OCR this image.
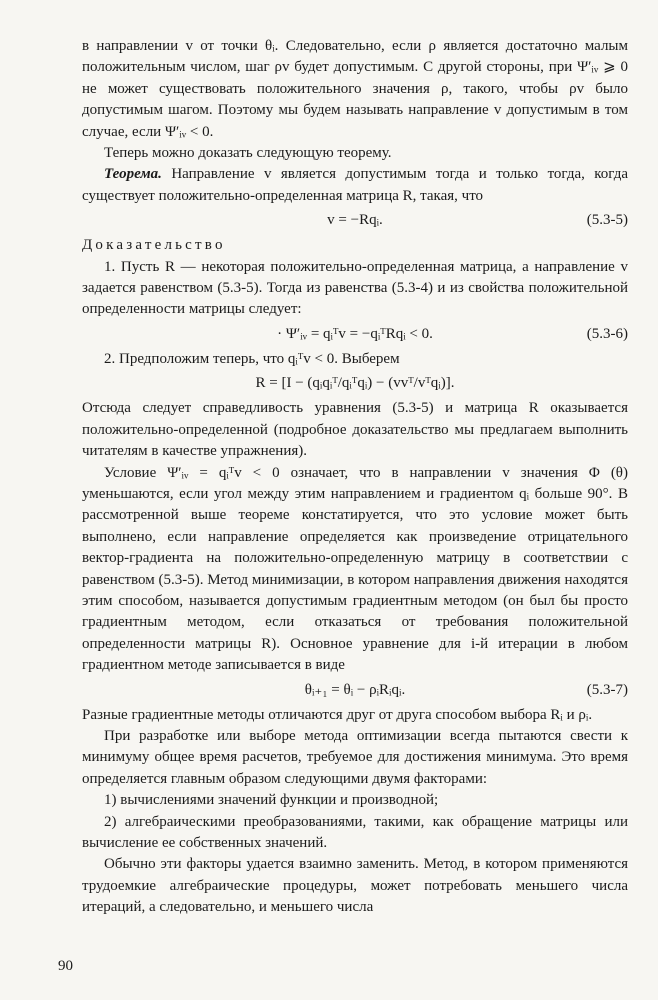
в направлении v от точки θᵢ. Следовательно, если ρ является достаточно малым положительным числом, шаг ρv будет допустимым. С другой стороны, при Ψ′ᵢᵥ ⩾ 0 не может существовать положительного значения ρ, такого, чтобы ρv было допустимым шагом. Поэтому мы будем называть направление v допустимым в том случае, если Ψ′ᵢᵥ < 0.

Теперь можно доказать следующую теорему.

Теорема. Направление v является допустимым тогда и только тогда, когда существует положительно-определенная матрица R, такая, что

v = −Rqᵢ.	(5.3-5)

Доказательство

1. Пусть R — некоторая положительно-определенная матрица, а направление v задается равенством (5.3-5). Тогда из равенства (5.3-4) и из свойства положительной определенности матрицы следует:

· Ψ′ᵢᵥ = qᵢᵀv = −qᵢᵀRqᵢ < 0.	(5.3-6)

2. Предположим теперь, что qᵢᵀv < 0. Выберем

R = [I − (qᵢqᵢᵀ/qᵢᵀqᵢ) − (vvᵀ/vᵀqᵢ)].

Отсюда следует справедливость уравнения (5.3-5) и матрица R оказывается положительно-определенной (подробное доказательство мы предлагаем выполнить читателям в качестве упражнения).

Условие Ψ′ᵢᵥ = qᵢᵀv < 0 означает, что в направлении v значения Φ (θ) уменьшаются, если угол между этим направлением и градиентом qᵢ больше 90°. В рассмотренной выше теореме констатируется, что это условие может быть выполнено, если направление определяется как произведение отрицательного вектор-градиента на положительно-определенную матрицу в соответствии с равенством (5.3-5). Метод минимизации, в котором направления движения находятся этим способом, называется допустимым градиентным методом (он был бы просто градиентным методом, если отказаться от требования положительной определенности матрицы R). Основное уравнение для i-й итерации в любом градиентном методе записывается в виде

θᵢ₊₁ = θᵢ − ρᵢRᵢqᵢ.	(5.3-7)

Разные градиентные методы отличаются друг от друга способом выбора Rᵢ и ρᵢ.

При разработке или выборе метода оптимизации всегда пытаются свести к минимуму общее время расчетов, требуемое для достижения минимума. Это время определяется главным образом следующими двумя факторами:

1) вычислениями значений функции и производной;

2) алгебраическими преобразованиями, такими, как обращение матрицы или вычисление ее собственных значений.

Обычно эти факторы удается взаимно заменить. Метод, в котором применяются трудоемкие алгебраические процедуры, может потребовать меньшего числа итераций, а следовательно, и меньшего числа

90
